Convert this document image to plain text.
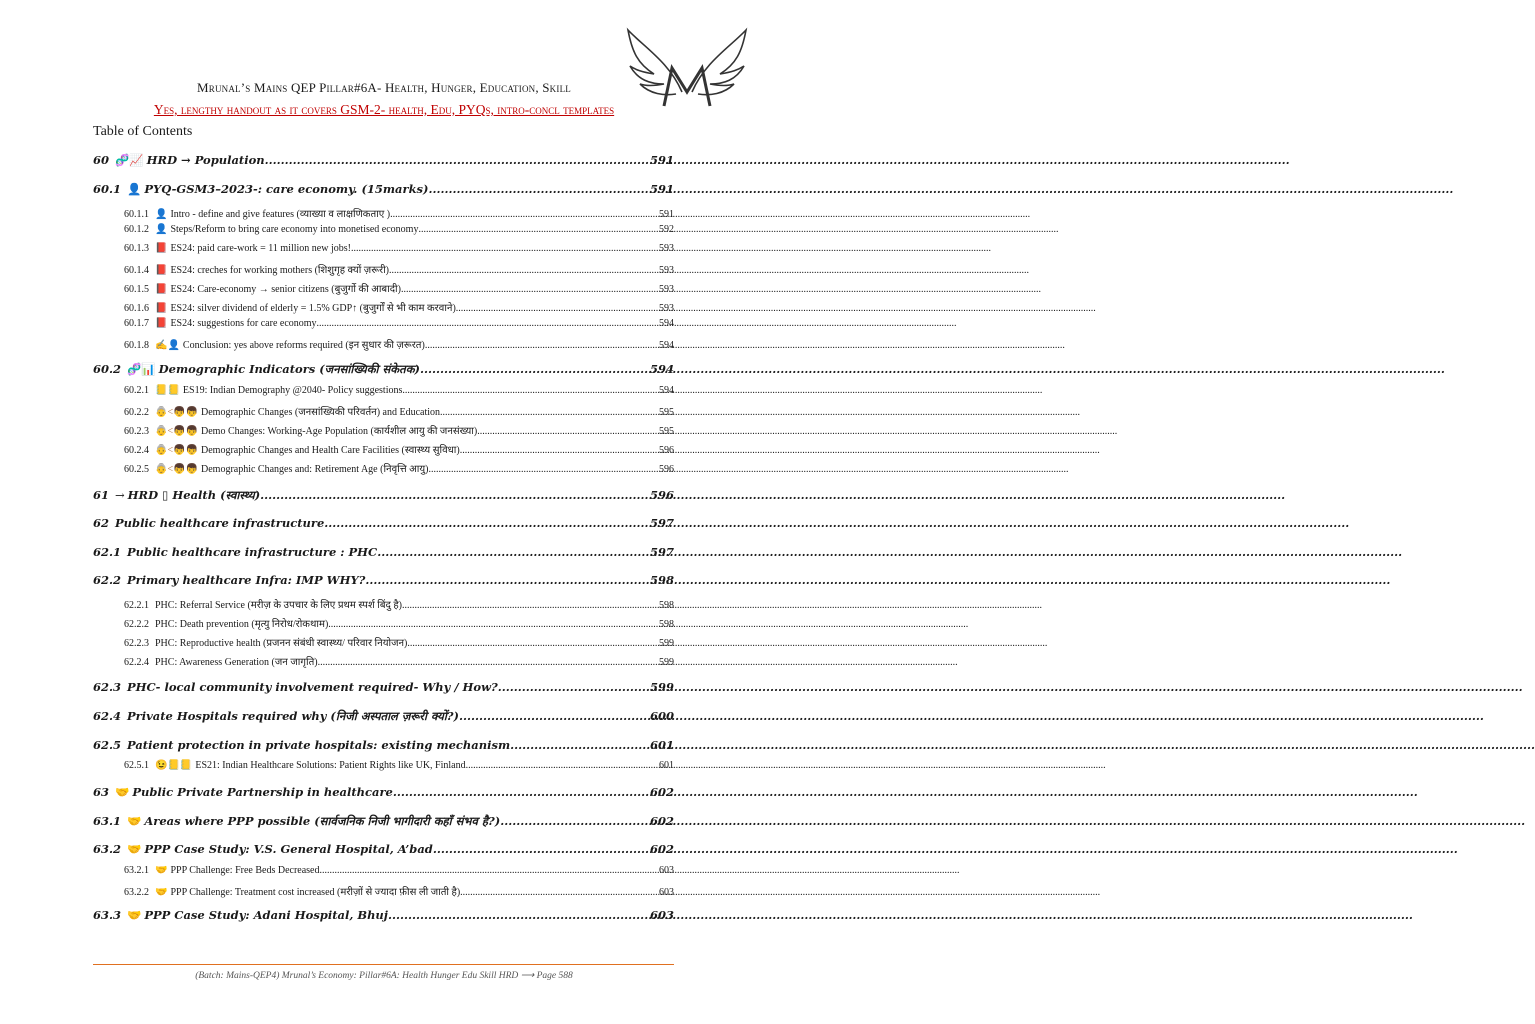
Mrunal’s Mains QEP Pillar#6A- Health, Hunger, Education, Skill
Yes, lengthy handout as it covers GSM-2- health, Edu, PYQs, intro-concl templates
Table of Contents
60 🧬📈 HRD → Population .....	591
60.1 👤 PYQ-GSM3–2023-: care economy. (15marks) .....	591
60.1.1 👤 Intro - define and give features (व्याख्या व लाक्षणिकताए ) .....	591
60.1.2 👤 Steps/Reform to bring care economy into monetised economy .....	592
60.1.3 📕 ES24: paid care-work = 11 million new jobs! .....	593
60.1.4 📕 ES24: creches for working mothers (शिशुगृह क्यों ज़रूरी) .....	593
60.1.5 📕 ES24: Care-economy → senior citizens (बुजुर्गो की आबादी) .....	593
60.1.6 📕 ES24: silver dividend of elderly = 1.5% GDP↑ (बुजुर्गों से भी काम करवाने) .....	593
60.1.7 📕 ES24: suggestions for care economy .....	594
60.1.8 ✍👤 Conclusion: yes above reforms required (इन सुधार की ज़रूरत) .....	594
60.2 🧬📊 Demographic Indicators (जनसांख्यिकी संकेतक) .....	594
60.2.1 📒📒 ES19: Indian Demography @2040- Policy suggestions .....	594
60.2.2 👵<👦👦 Demographic Changes (जनसांख्यिकी परिवर्तन) and Education .....	595
60.2.3 👵<👦👦 Demo Changes: Working-Age Population (कार्यशील आयु की जनसंख्या) .....	595
60.2.4 👵<👦👦 Demographic Changes and Health Care Facilities (स्वास्थ्य सुविधा) .....	596
60.2.5 👵<👦👦 Demographic Changes and: Retirement Age (निवृत्ति आयु) .....	596
61 → HRD ▯ Health (स्वास्थ्य) .....	596
62 Public healthcare infrastructure .....	597
62.1 Public healthcare infrastructure : PHC .....	597
62.2 Primary healthcare Infra: IMP WHY? .....	598
62.2.1 PHC: Referral Service (मरीज़ के उपचार के लिए प्रथम स्पर्श बिंदु है) .....	598
62.2.2 PHC: Death prevention (मृत्यु निरोध/रोकथाम) .....	598
62.2.3 PHC: Reproductive health (प्रजनन संबंधी स्वास्थ्य/ परिवार नियोजन) .....	599
62.2.4 PHC: Awareness Generation (जन जागृति) .....	599
62.3 PHC- local community involvement required- Why / How? .....	599
62.4 Private Hospitals required why (निजी अस्पताल ज़रूरी क्यों?) .....	600
62.5 Patient protection in private hospitals: existing mechanism .....	601
62.5.1 😉📒📒 ES21: Indian Healthcare Solutions: Patient Rights like UK, Finland .....	601
63 🤝 Public Private Partnership in healthcare .....	602
63.1 🤝 Areas where PPP possible (सार्वजनिक निजी भागीदारी कहाँ संभव है?) .....	602
63.2 🤝 PPP Case Study: V.S. General Hospital, A’bad .....	602
63.2.1 🤝 PPP Challenge: Free Beds Decreased .....	603
63.2.2 🤝 PPP Challenge: Treatment cost increased (मरीज़ों से ज्यादा फ़ीस ली जाती है) .....	603
63.3 🤝 PPP Case Study: Adani Hospital, Bhuj .....	603
(Batch: Mains-QEP4) Mrunal’s Economy: Pillar#6A: Health Hunger Edu Skill HRD ⟶ Page 588
